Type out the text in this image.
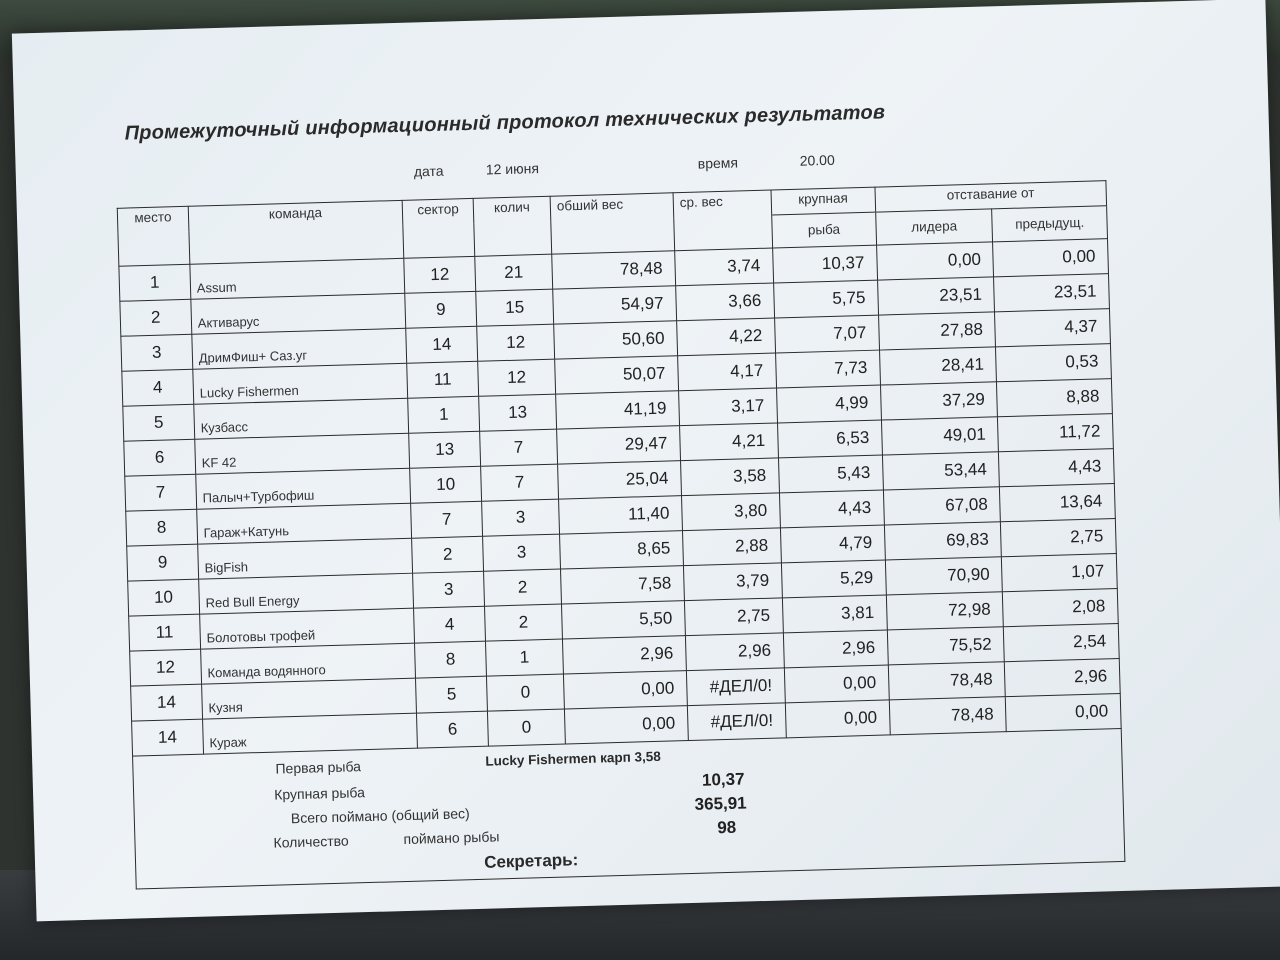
Промежуточный информационный протокол технических результатов
дата	12 июня	время	20.00
место	команда	сектор	колич	обший вес	ср. вес	крупная	отставание от	
						рыба	лидера	предыдущ.
1	Assum	12	21	78,48	3,74	10,37	0,00	0,00
2	Активарус	9	15	54,97	3,66	5,75	23,51	23,51
3	ДримФиш+ Саз.уг	14	12	50,60	4,22	7,07	27,88	4,37
4	Lucky Fishermen	11	12	50,07	4,17	7,73	28,41	0,53
5	Кузбасс	1	13	41,19	3,17	4,99	37,29	8,88
6	KF 42	13	7	29,47	4,21	6,53	49,01	11,72
7	Палыч+Турбофиш	10	7	25,04	3,58	5,43	53,44	4,43
8	Гараж+Катунь	7	3	11,40	3,80	4,43	67,08	13,64
9	BigFish	2	3	8,65	2,88	4,79	69,83	2,75
10	Red Bull Energy	3	2	7,58	3,79	5,29	70,90	1,07
11	Болотовы трофей	4	2	5,50	2,75	3,81	72,98	2,08
12	Команда водянного	8	1	2,96	2,96	2,96	75,52	2,54
14	Кузня	5	0	0,00	#ДЕЛ/0!	0,00	78,48	2,96
14	Кураж	6	0	0,00	#ДЕЛ/0!	0,00	78,48	0,00
Первая рыба	Lucky Fishermen карп 3,58
Крупная рыба
10,37
Всего поймано (общий вес)
365,91
Количество	поймано рыбы
98
Секретарь:
